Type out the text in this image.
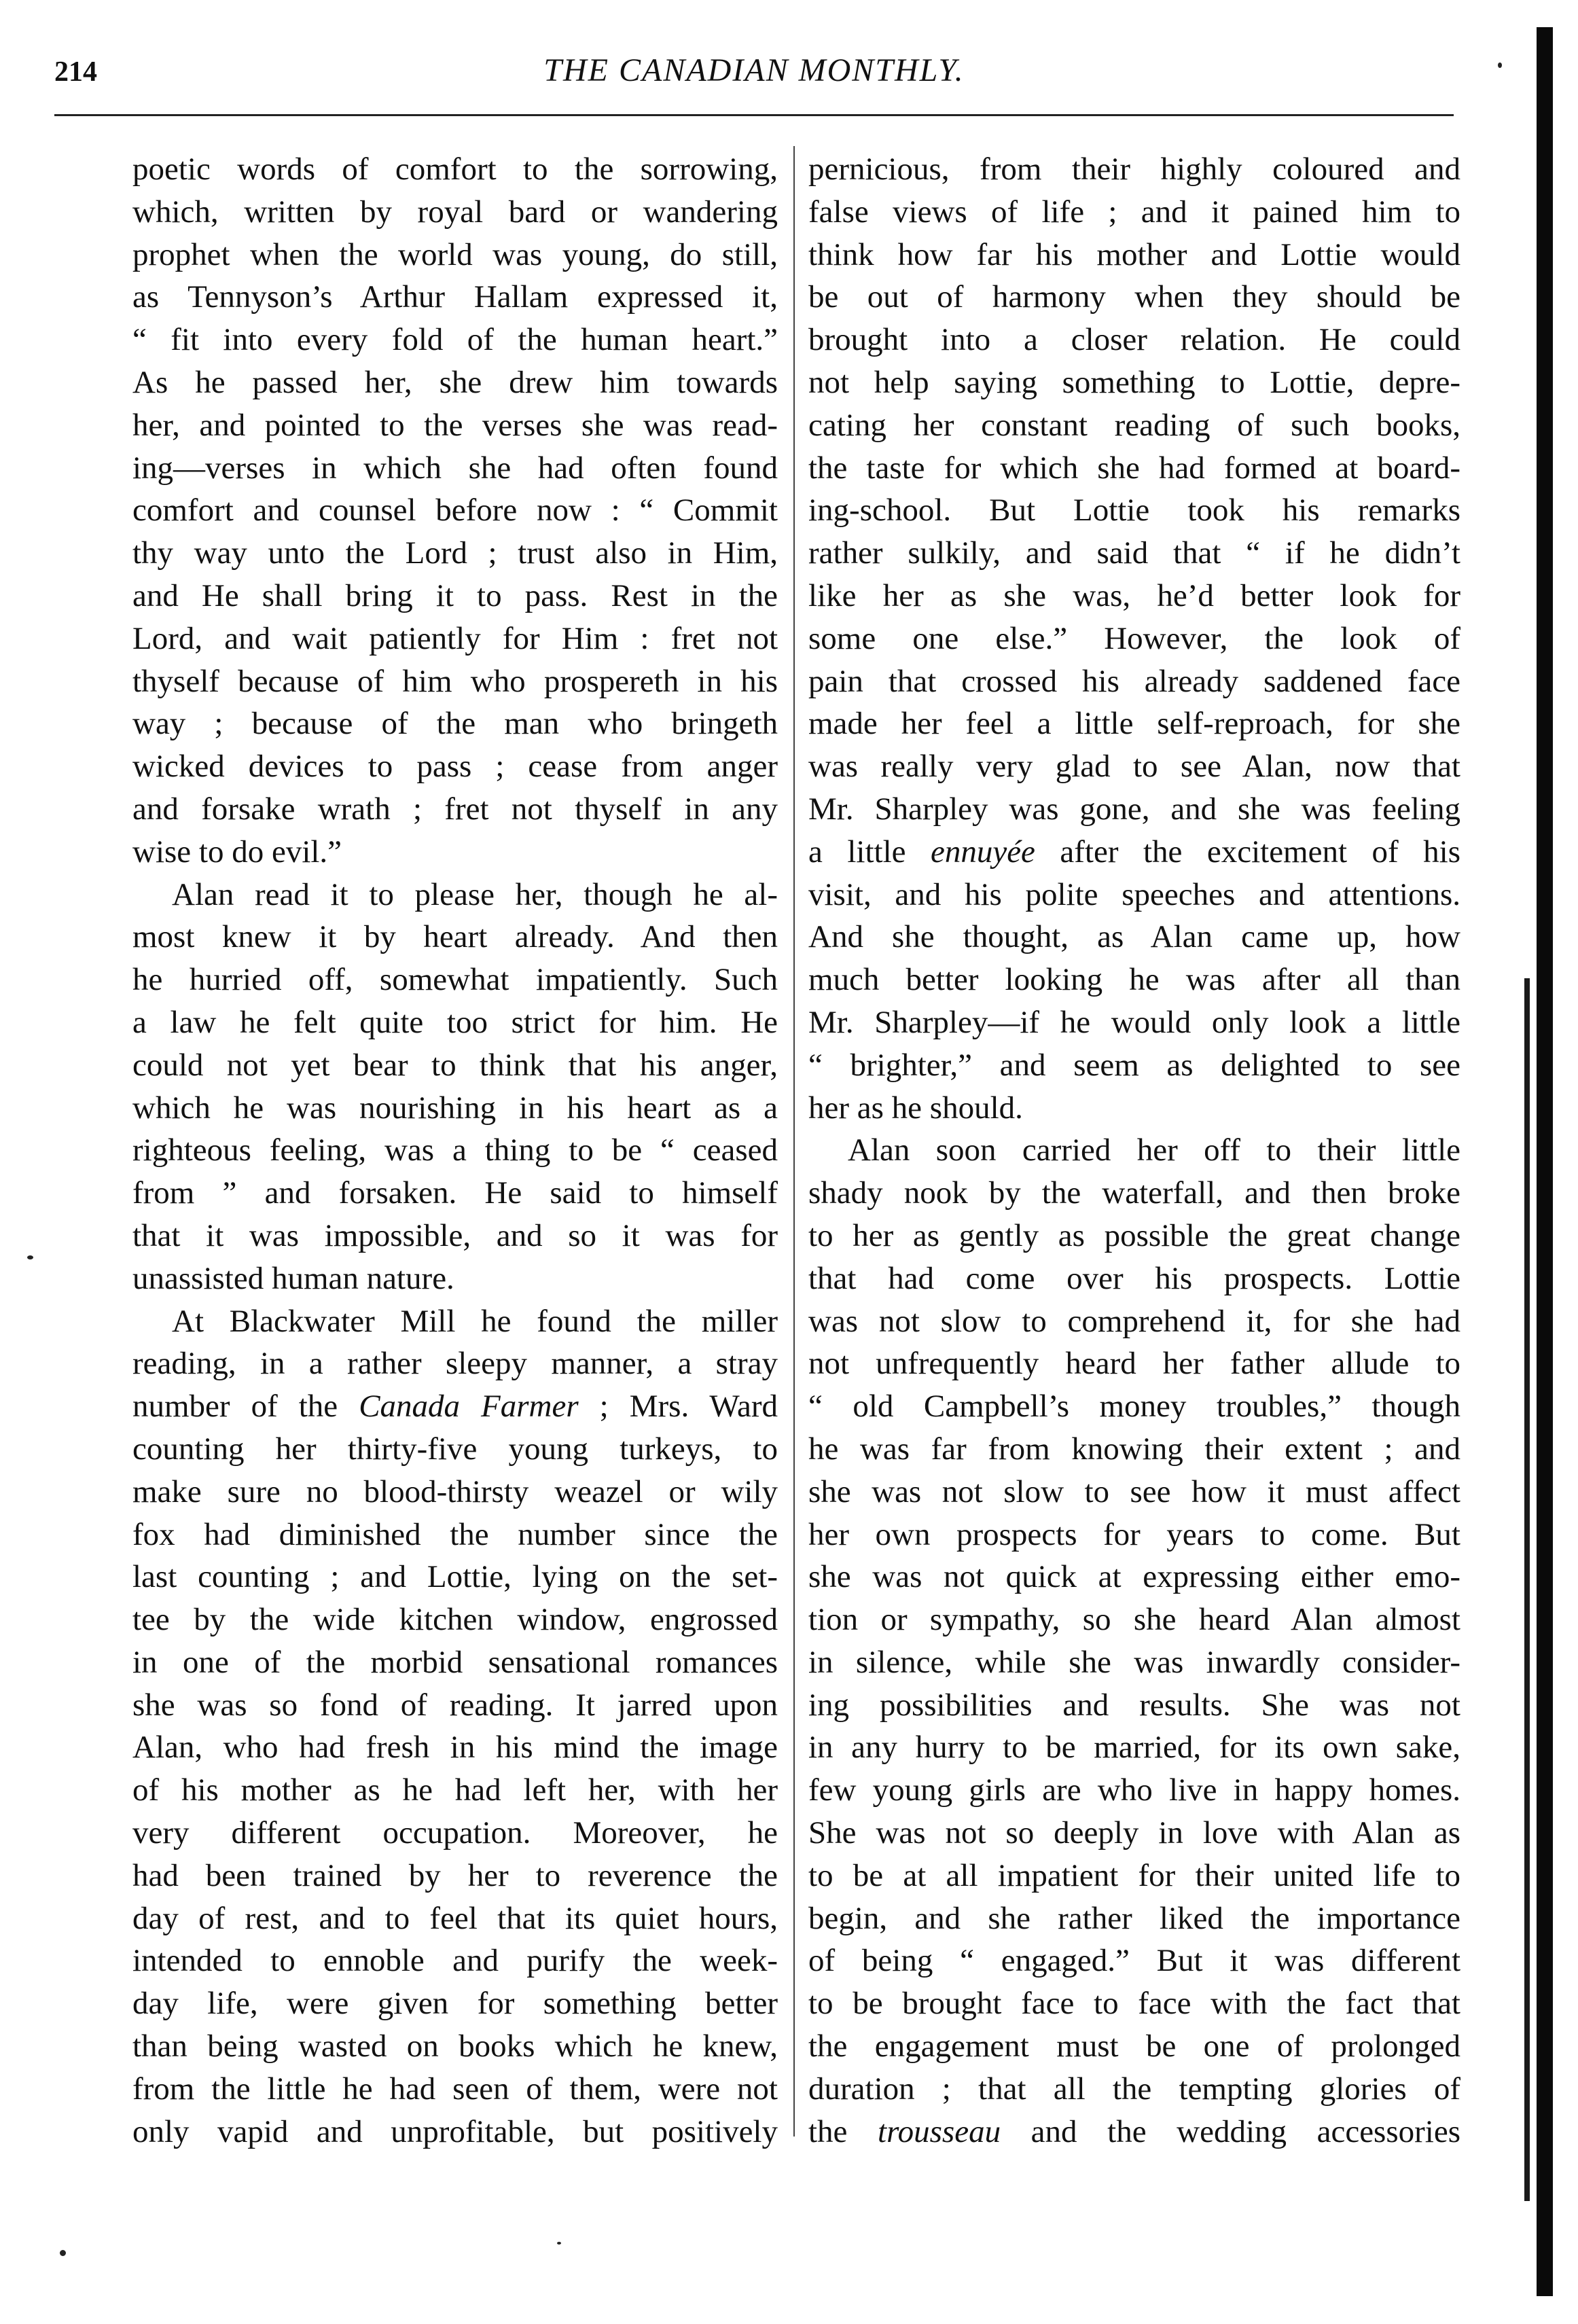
214	THE CANADIAN MONTHLY.
poetic words of comfort to the sorrowing,
which, written by royal bard or wandering
prophet when the world was young, do still,
as Tennyson’s Arthur Hallam expressed it,
“ fit into every fold of the human heart.”
As he passed her, she drew him towards
her, and pointed to the verses she was read-
ing—verses in which she had often found
comfort and counsel before now : “ Commit
thy way unto the Lord ; trust also in Him,
and He shall bring it to pass. Rest in the
Lord, and wait patiently for Him : fret not
thyself because of him who prospereth in his
way ; because of the man who bringeth
wicked devices to pass ; cease from anger
and forsake wrath ; fret not thyself in any
wise to do evil.”
Alan read it to please her, though he al-
most knew it by heart already. And then
he hurried off, somewhat impatiently. Such
a law he felt quite too strict for him. He
could not yet bear to think that his anger,
which he was nourishing in his heart as a
righteous feeling, was a thing to be “ ceased
from ” and forsaken. He said to himself
that it was impossible, and so it was for
unassisted human nature.
At Blackwater Mill he found the miller
reading, in a rather sleepy manner, a stray
number of the Canada Farmer ; Mrs. Ward
counting her thirty-five young turkeys, to
make sure no blood-thirsty weazel or wily
fox had diminished the number since the
last counting ; and Lottie, lying on the set-
tee by the wide kitchen window, engrossed
in one of the morbid sensational romances
she was so fond of reading. It jarred upon
Alan, who had fresh in his mind the image
of his mother as he had left her, with her
very different occupation. Moreover, he
had been trained by her to reverence the
day of rest, and to feel that its quiet hours,
intended to ennoble and purify the week-
day life, were given for something better
than being wasted on books which he knew,
from the little he had seen of them, were not
only vapid and unprofitable, but positively
pernicious, from their highly coloured and
false views of life ; and it pained him to
think how far his mother and Lottie would
be out of harmony when they should be
brought into a closer relation. He could
not help saying something to Lottie, depre-
cating her constant reading of such books,
the taste for which she had formed at board-
ing-school. But Lottie took his remarks
rather sulkily, and said that “ if he didn’t
like her as she was, he’d better look for
some one else.” However, the look of
pain that crossed his already saddened face
made her feel a little self-reproach, for she
was really very glad to see Alan, now that
Mr. Sharpley was gone, and she was feeling
a little ennuyée after the excitement of his
visit, and his polite speeches and attentions.
And she thought, as Alan came up, how
much better looking he was after all than
Mr. Sharpley—if he would only look a little
“ brighter,” and seem as delighted to see
her as he should.
Alan soon carried her off to their little
shady nook by the waterfall, and then broke
to her as gently as possible the great change
that had come over his prospects. Lottie
was not slow to comprehend it, for she had
not unfrequently heard her father allude to
“ old Campbell’s money troubles,” though
he was far from knowing their extent ; and
she was not slow to see how it must affect
her own prospects for years to come. But
she was not quick at expressing either emo-
tion or sympathy, so she heard Alan almost
in silence, while she was inwardly consider-
ing possibilities and results. She was not
in any hurry to be married, for its own sake,
few young girls are who live in happy homes.
She was not so deeply in love with Alan as
to be at all impatient for their united life to
begin, and she rather liked the importance
of being “ engaged.” But it was different
to be brought face to face with the fact that
the engagement must be one of prolonged
duration ; that all the tempting glories of
the trousseau and the wedding accessories
